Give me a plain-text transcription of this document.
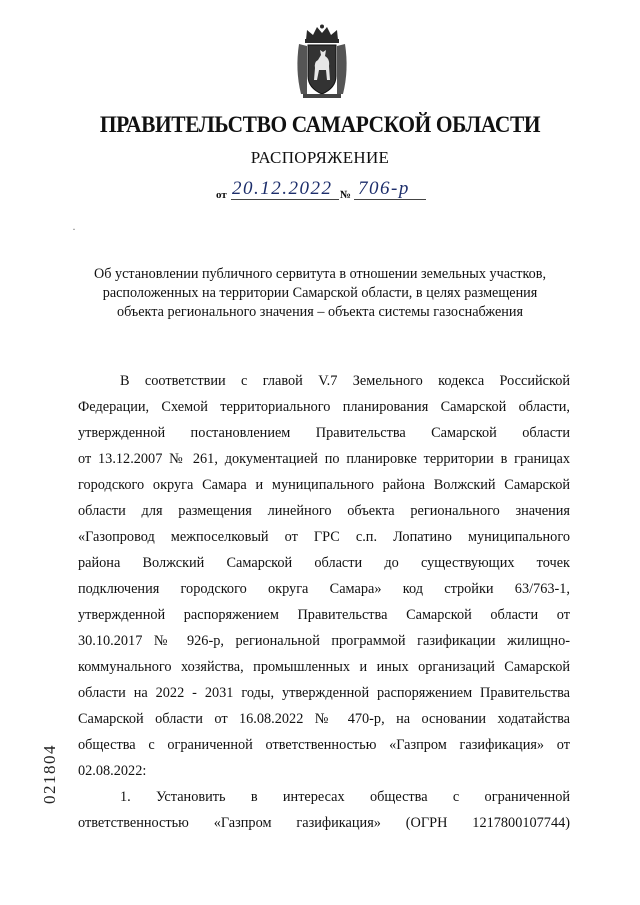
ПРАВИТЕЛЬСТВО САМАРСКОЙ ОБЛАСТИ
РАСПОРЯЖЕНИЕ
от 20.12.2022 № 706-р
·
Об установлении публичного сервитута в отношении земельных участков,
расположенных на территории Самарской области, в целях размещения
объекта регионального значения – объекта системы газоснабжения
В соответствии с главой V.7 Земельного кодекса Российской
Федерации, Схемой территориального планирования Самарской области,
утвержденной постановлением Правительства Самарской области
от 13.12.2007 № 261, документацией по планировке территории в границах
городского округа Самара и муниципального района Волжский Самарской
области для размещения линейного объекта регионального значения
«Газопровод межпоселковый от ГРС с.п. Лопатино муниципального
района Волжский Самарской области до существующих точек
подключения городского округа Самара» код стройки 63/763-1,
утвержденной распоряжением Правительства Самарской области от
30.10.2017 № 926-р, региональной программой газификации жилищно-
коммунального хозяйства, промышленных и иных организаций Самарской
области на 2022 - 2031 годы, утвержденной распоряжением Правительства
Самарской области от 16.08.2022 № 470-р, на основании ходатайства
общества с ограниченной ответственностью «Газпром газификация» от
02.08.2022:
1. Установить в интересах общества с ограниченной
ответственностью «Газпром газификация» (ОГРН 1217800107744)
021804
